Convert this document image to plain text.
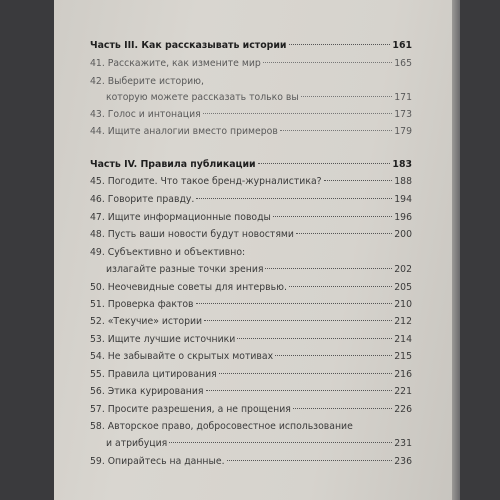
Часть III. Как рассказывать истории	161
41. Расскажите, как измените мир	165
42. Выберите историю,
которую можете рассказать только вы	171
43. Голос и интонация	173
44. Ищите аналогии вместо примеров	179
Часть IV. Правила публикации	183
45. Погодите. Что такое бренд-журналистика?	188
46. Говорите правду.	194
47. Ищите информационные поводы	196
48. Пусть ваши новости будут новостями	200
49. Субъективно и объективно:
излагайте разные точки зрения	202
50. Неочевидные советы для интервью.	205
51. Проверка фактов	210
52. «Текучие» истории	212
53. Ищите лучшие источники	214
54. Не забывайте о скрытых мотивах	215
55. Правила цитирования	216
56. Этика курирования	221
57. Просите разрешения, а не прощения	226
58. Авторское право, добросовестное использование
и атрибуция	231
59. Опирайтесь на данные.	236
